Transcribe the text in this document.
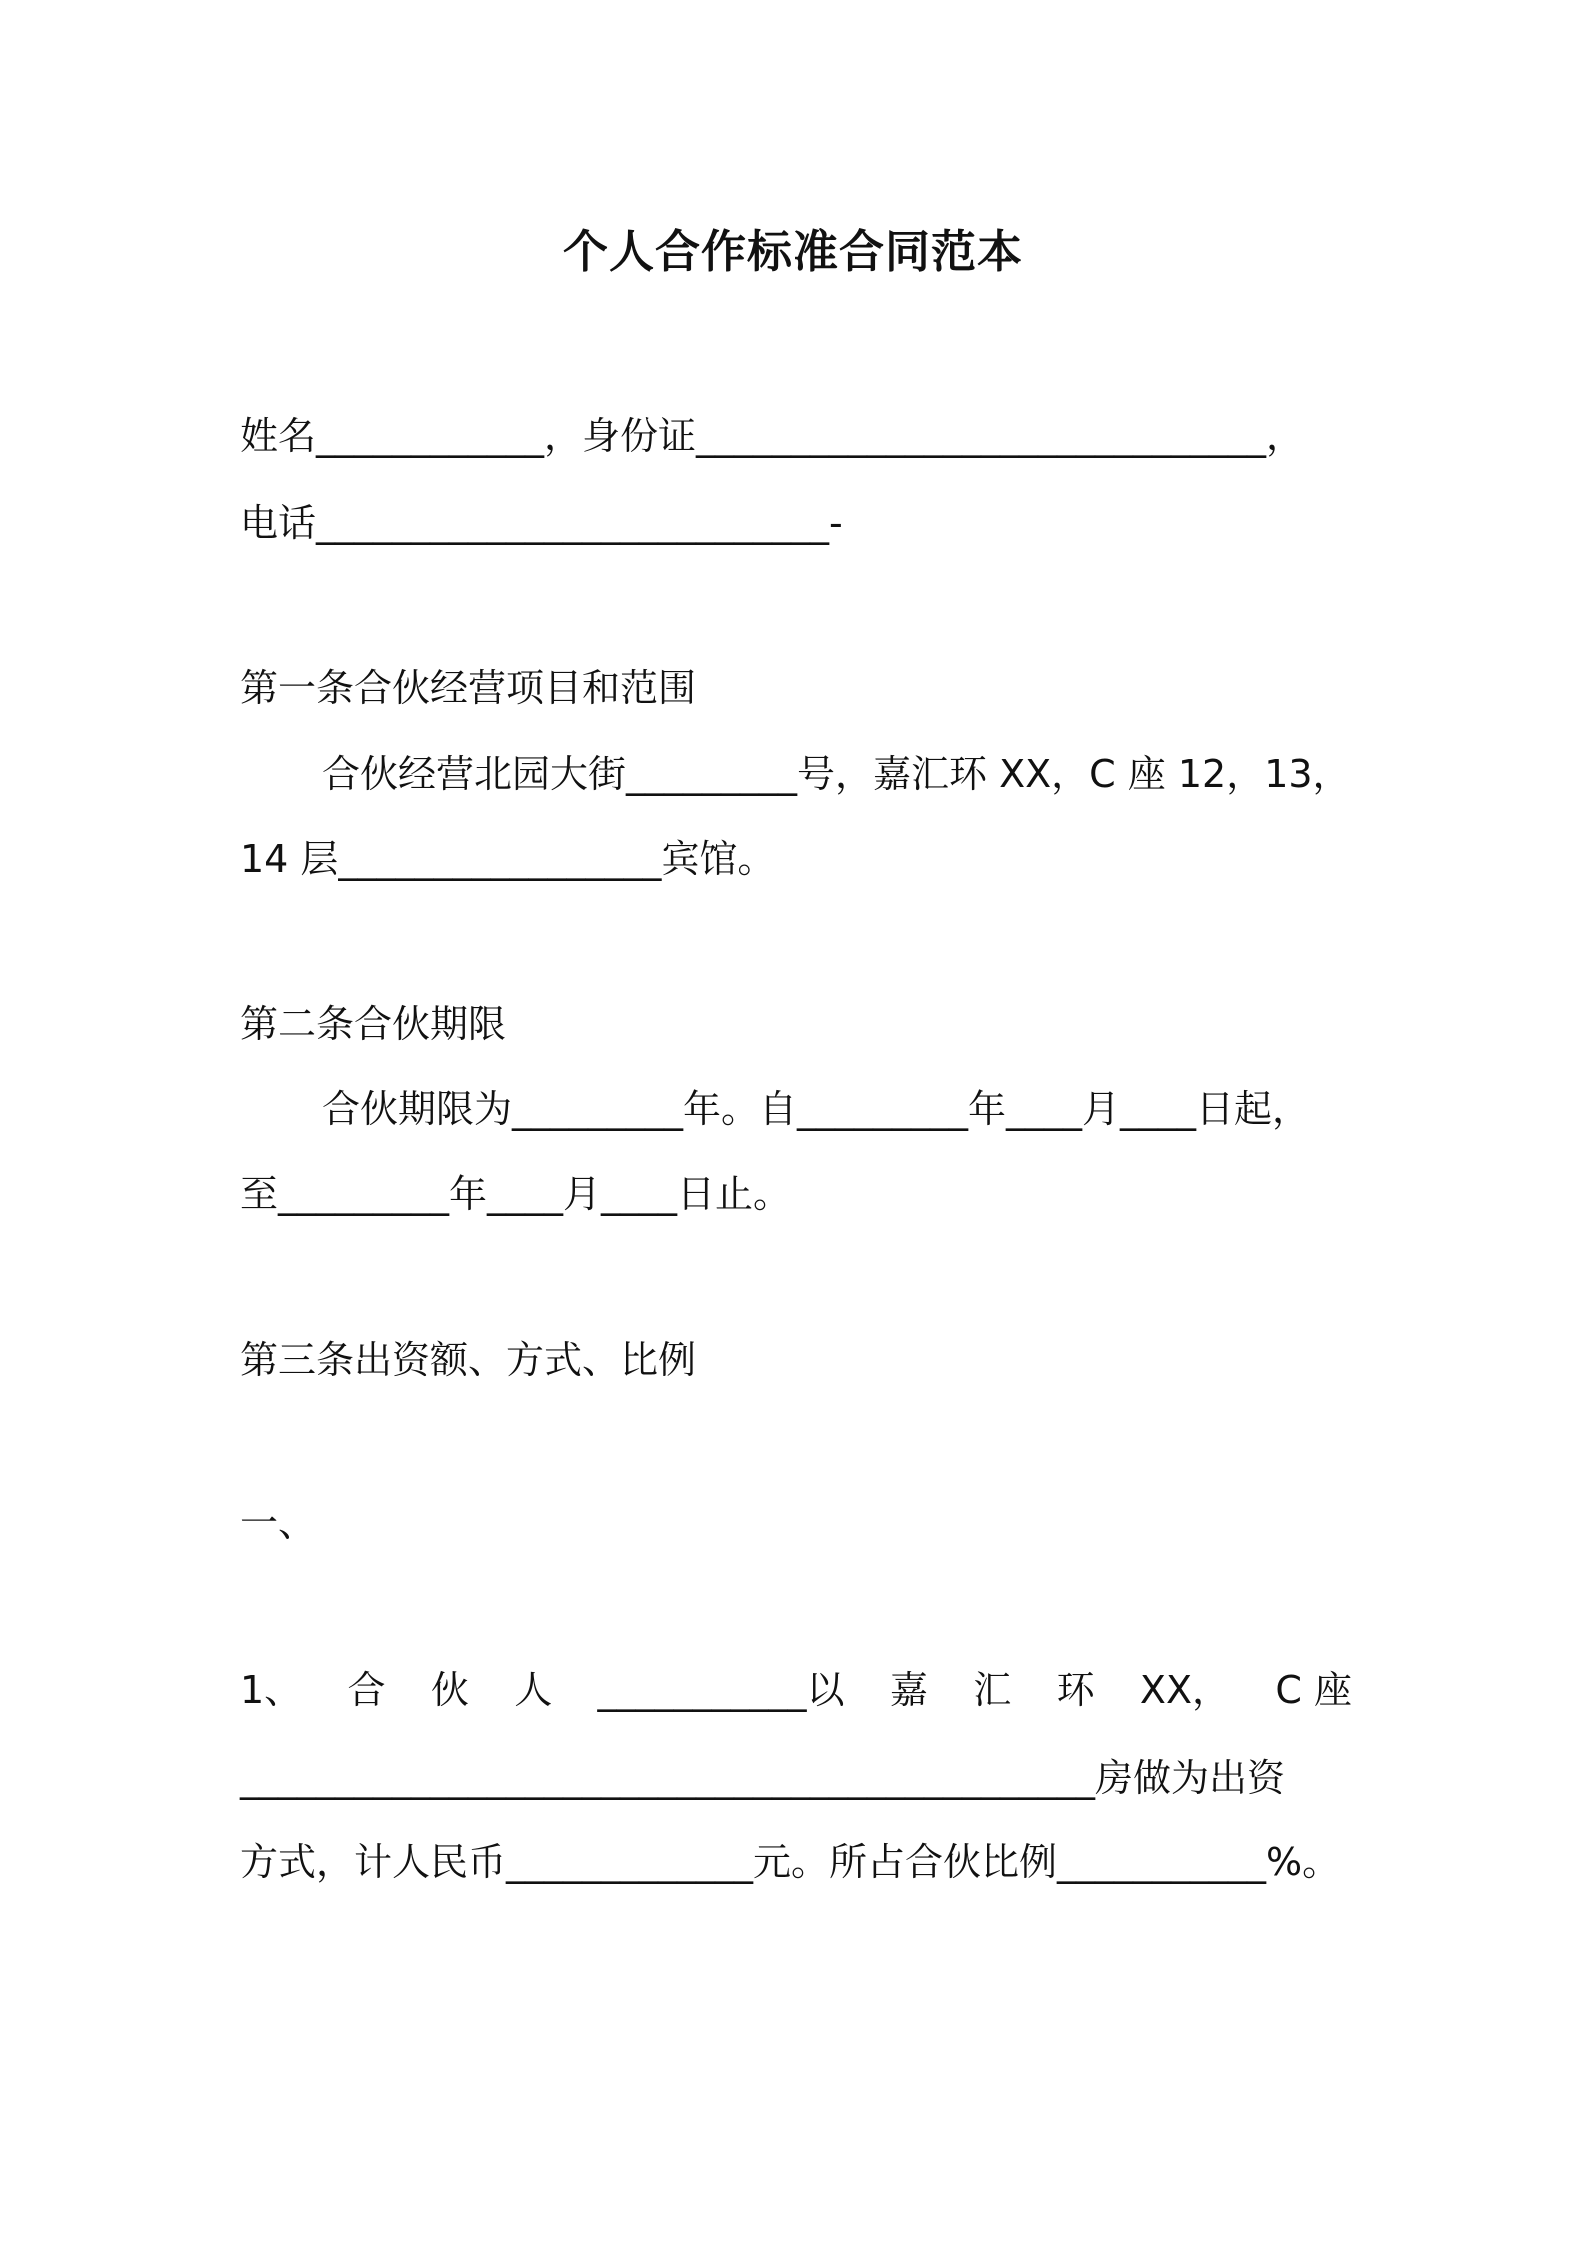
个人合作标准合同范本

姓名____________，身份证______________________________，

电话___________________________-

第一条合伙经营项目和范围

合伙经营北园大街_________号，嘉汇环 XX，C 座 12，13，

14 层_________________宾馆。

第二条合伙期限

合伙期限为_________年。自_________年____月____日起，

至_________年____月____日止。

第三条出资额、方式、比例

一、

1、 合 伙 人 ___________以 嘉 汇 环 XX， C 座

_____________________________________________房做为出资

方式，计人民币_____________元。所占合伙比例___________%。
